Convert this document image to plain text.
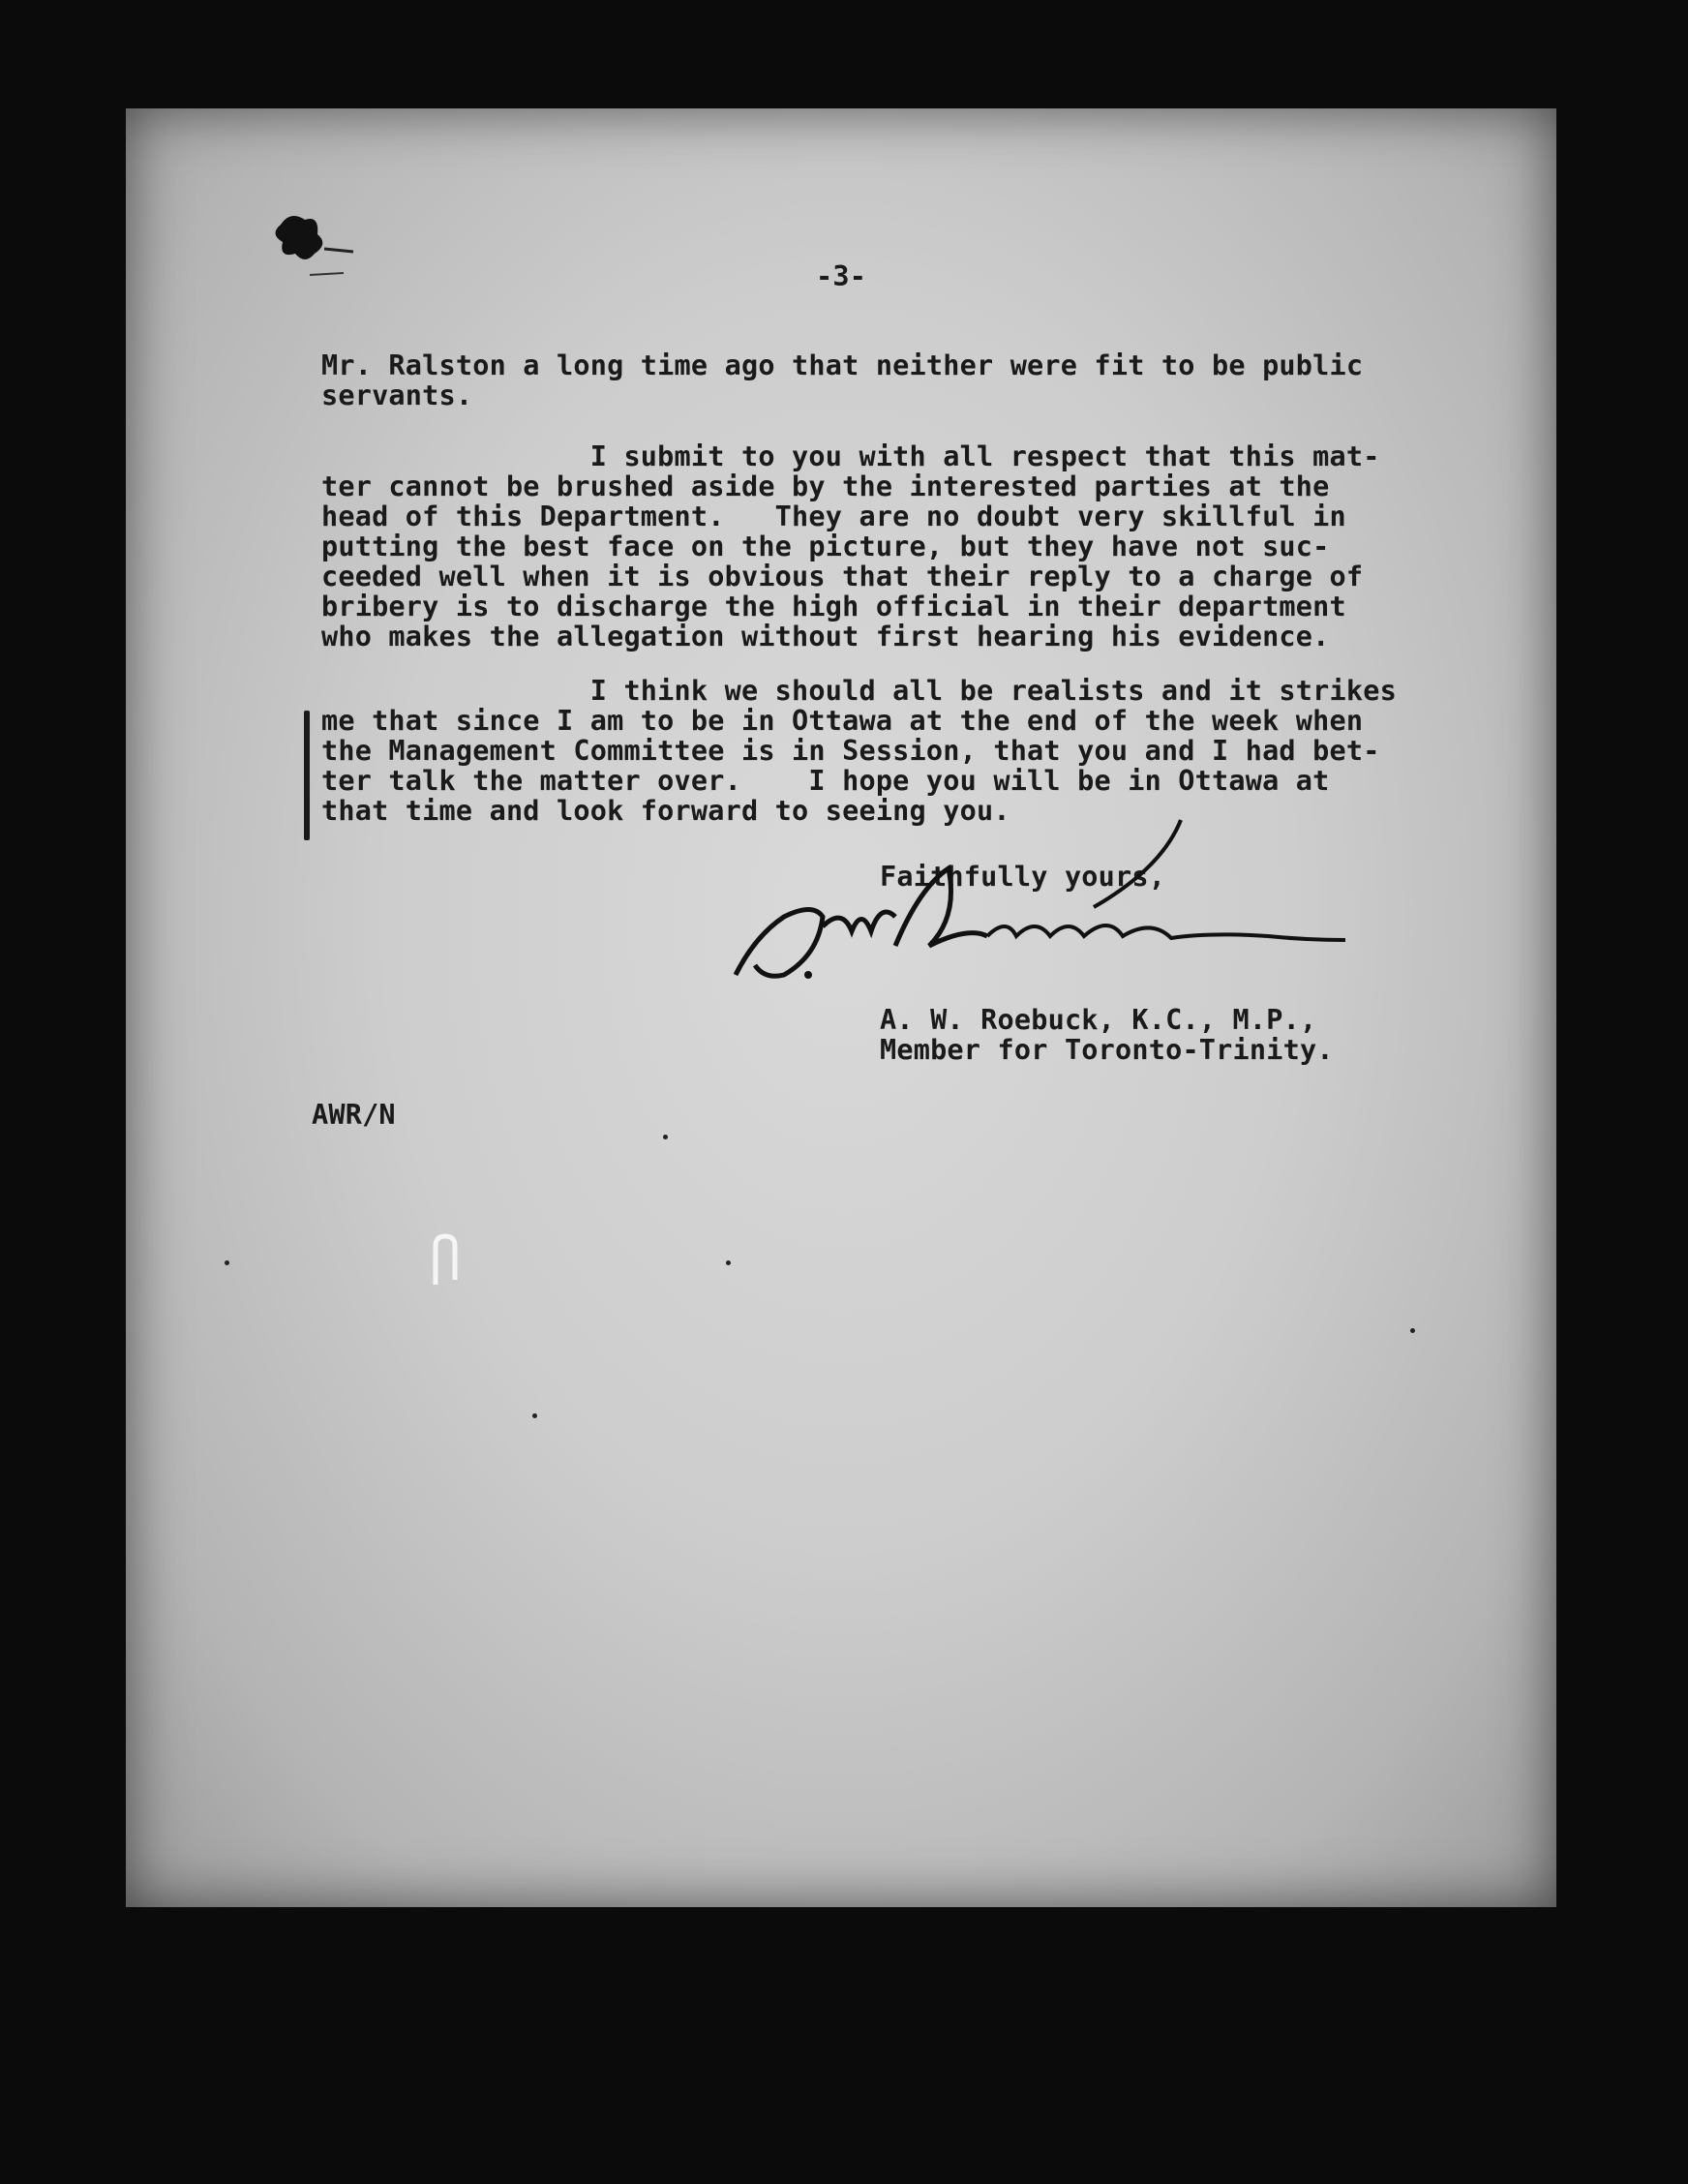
-3-
Mr. Ralston a long time ago that neither were fit to be public
servants.
I submit to you with all respect that this mat-
ter cannot be brushed aside by the interested parties at the
head of this Department.   They are no doubt very skillful in
putting the best face on the picture, but they have not suc-
ceeded well when it is obvious that their reply to a charge of
bribery is to discharge the high official in their department
who makes the allegation without first hearing his evidence.
I think we should all be realists and it strikes
me that since I am to be in Ottawa at the end of the week when
the Management Committee is in Session, that you and I had bet-
ter talk the matter over.    I hope you will be in Ottawa at
that time and look forward to seeing you.
Faithfully yours,
A. W. Roebuck, K.C., M.P.,
Member for Toronto-Trinity.
AWR/N
